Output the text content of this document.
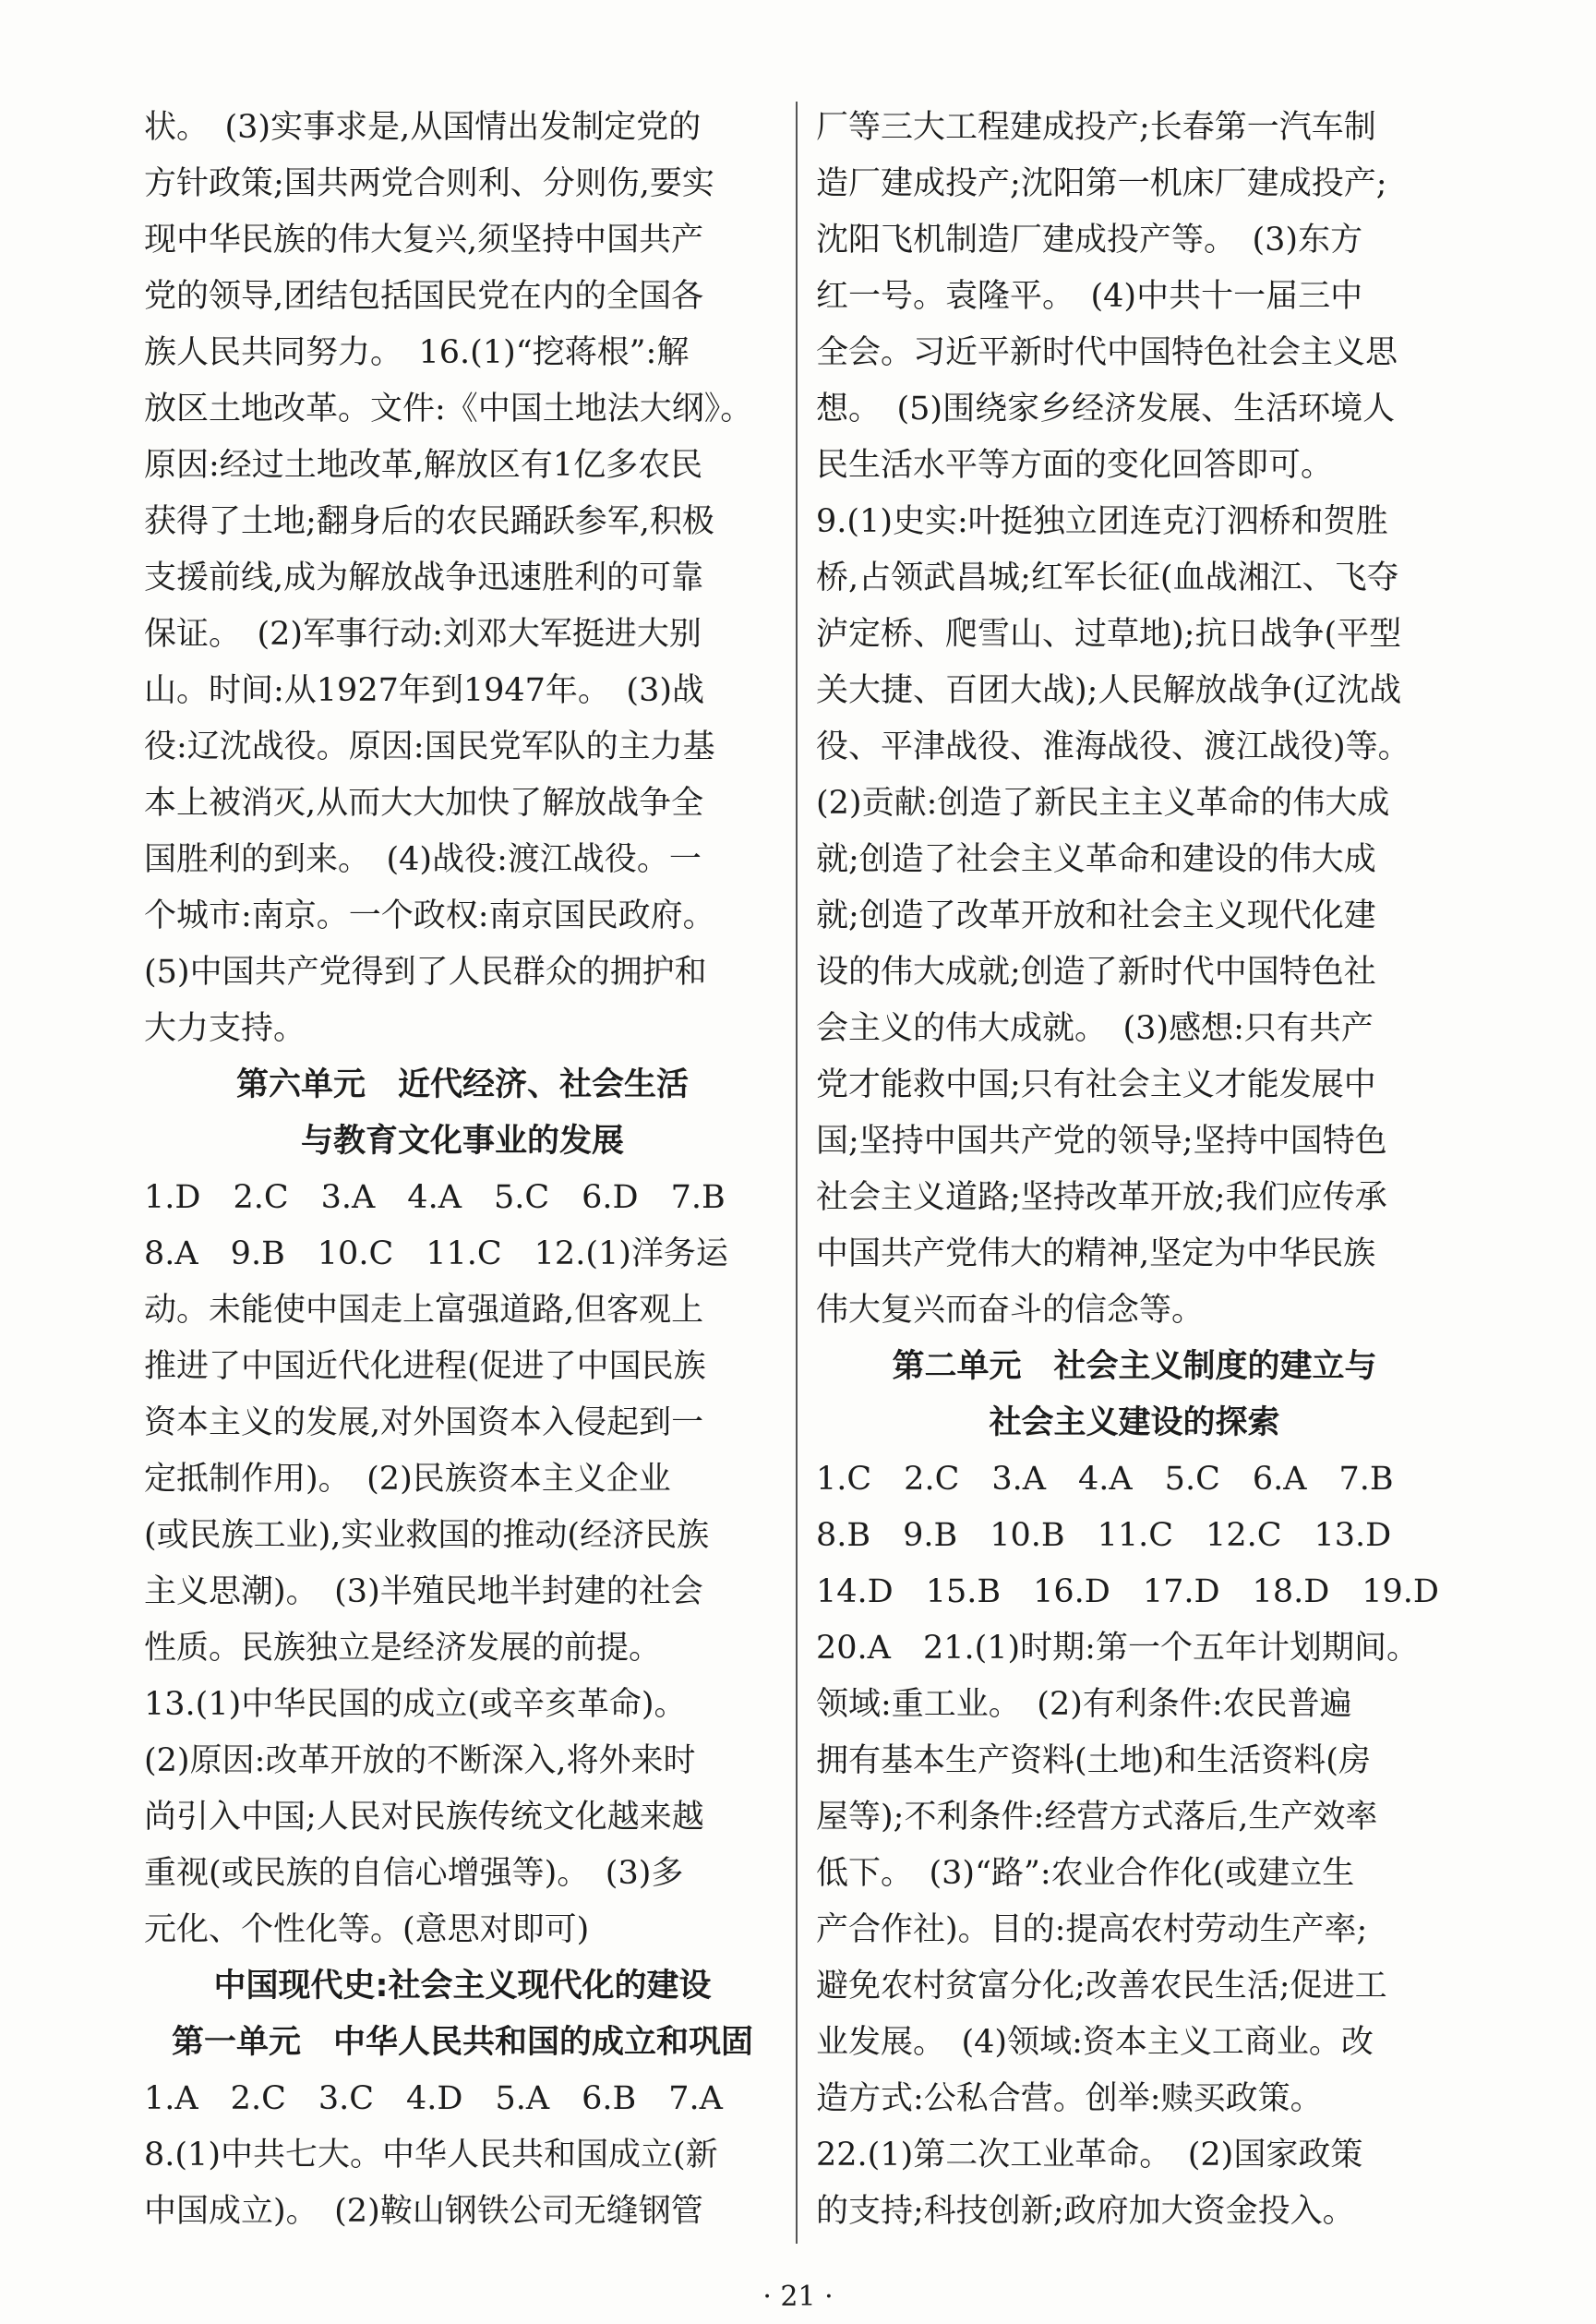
状。　(3)实事求是,从国情出发制定党的
方针政策;国共两党合则利、分则伤,要实
现中华民族的伟大复兴,须坚持中国共产
党的领导,团结包括国民党在内的全国各
族人民共同努力。　16.(1)“挖蒋根”:解
放区土地改革。文件:《中国土地法大纲》。
原因:经过土地改革,解放区有1亿多农民
获得了土地;翻身后的农民踊跃参军,积极
支援前线,成为解放战争迅速胜利的可靠
保证。　(2)军事行动:刘邓大军挺进大别
山。时间:从1927年到1947年。　(3)战
役:辽沈战役。原因:国民党军队的主力基
本上被消灭,从而大大加快了解放战争全
国胜利的到来。　(4)战役:渡江战役。一
个城市:南京。一个政权:南京国民政府。
(5)中国共产党得到了人民群众的拥护和
大力支持。
第六单元　近代经济、社会生活
与教育文化事业的发展
1.D　2.C　3.A　4.A　5.C　6.D　7.B
8.A　9.B　10.C　11.C　12.(1)洋务运
动。未能使中国走上富强道路,但客观上
推进了中国近代化进程(促进了中国民族
资本主义的发展,对外国资本入侵起到一
定抵制作用)。　(2)民族资本主义企业
(或民族工业),实业救国的推动(经济民族
主义思潮)。　(3)半殖民地半封建的社会
性质。民族独立是经济发展的前提。
13.(1)中华民国的成立(或辛亥革命)。
(2)原因:改革开放的不断深入,将外来时
尚引入中国;人民对民族传统文化越来越
重视(或民族的自信心增强等)。　(3)多
元化、个性化等。(意思对即可)
中国现代史:社会主义现代化的建设
第一单元　中华人民共和国的成立和巩固
1.A　2.C　3.C　4.D　5.A　6.B　7.A
8.(1)中共七大。中华人民共和国成立(新
中国成立)。　(2)鞍山钢铁公司无缝钢管
厂等三大工程建成投产;长春第一汽车制
造厂建成投产;沈阳第一机床厂建成投产;
沈阳飞机制造厂建成投产等。　(3)东方
红一号。袁隆平。　(4)中共十一届三中
全会。习近平新时代中国特色社会主义思
想。　(5)围绕家乡经济发展、生活环境人
民生活水平等方面的变化回答即可。
9.(1)史实:叶挺独立团连克汀泗桥和贺胜
桥,占领武昌城;红军长征(血战湘江、飞夺
泸定桥、爬雪山、过草地);抗日战争(平型
关大捷、百团大战);人民解放战争(辽沈战
役、平津战役、淮海战役、渡江战役)等。
(2)贡献:创造了新民主主义革命的伟大成
就;创造了社会主义革命和建设的伟大成
就;创造了改革开放和社会主义现代化建
设的伟大成就;创造了新时代中国特色社
会主义的伟大成就。　(3)感想:只有共产
党才能救中国;只有社会主义才能发展中
国;坚持中国共产党的领导;坚持中国特色
社会主义道路;坚持改革开放;我们应传承
中国共产党伟大的精神,坚定为中华民族
伟大复兴而奋斗的信念等。
第二单元　社会主义制度的建立与
社会主义建设的探索
1.C　2.C　3.A　4.A　5.C　6.A　7.B
8.B　9.B　10.B　11.C　12.C　13.D
14.D　15.B　16.D　17.D　18.D　19.D
20.A　21.(1)时期:第一个五年计划期间。
领域:重工业。　(2)有利条件:农民普遍
拥有基本生产资料(土地)和生活资料(房
屋等);不利条件:经营方式落后,生产效率
低下。　(3)“路”:农业合作化(或建立生
产合作社)。目的:提高农村劳动生产率;
避免农村贫富分化;改善农民生活;促进工
业发展。　(4)领域:资本主义工商业。改
造方式:公私合营。创举:赎买政策。
22.(1)第二次工业革命。　(2)国家政策
的支持;科技创新;政府加大资金投入。
· 21 ·
